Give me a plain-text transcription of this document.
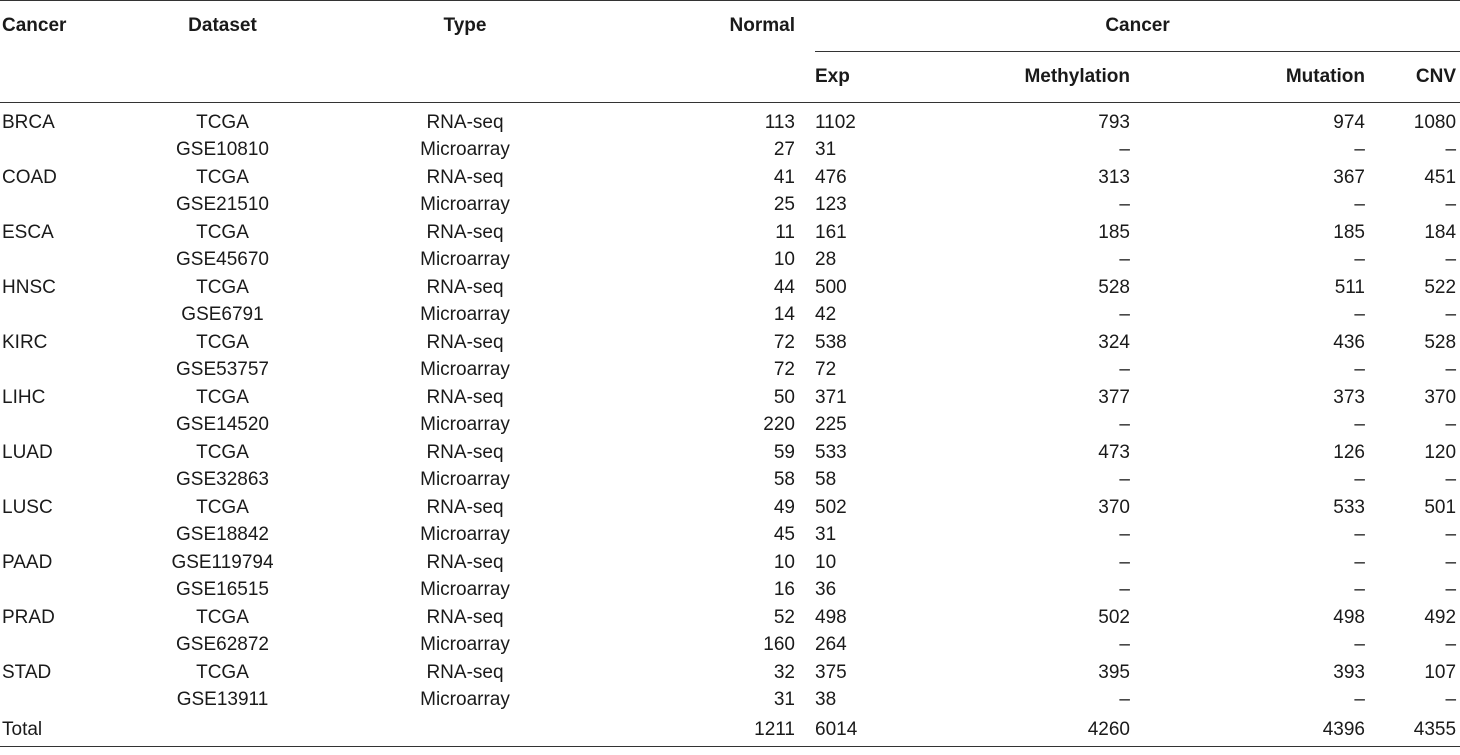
Cancer	Dataset	Type	Normal	Cancer			
				Exp	Methylation	Mutation	CNV
BRCA	TCGA	RNA-seq	113	1102	793	974	1080
	GSE10810	Microarray	27	31	–	–	–
COAD	TCGA	RNA-seq	41	476	313	367	451
	GSE21510	Microarray	25	123	–	–	–
ESCA	TCGA	RNA-seq	11	161	185	185	184
	GSE45670	Microarray	10	28	–	–	–
HNSC	TCGA	RNA-seq	44	500	528	511	522
	GSE6791	Microarray	14	42	–	–	–
KIRC	TCGA	RNA-seq	72	538	324	436	528
	GSE53757	Microarray	72	72	–	–	–
LIHC	TCGA	RNA-seq	50	371	377	373	370
	GSE14520	Microarray	220	225	–	–	–
LUAD	TCGA	RNA-seq	59	533	473	126	120
	GSE32863	Microarray	58	58	–	–	–
LUSC	TCGA	RNA-seq	49	502	370	533	501
	GSE18842	Microarray	45	31	–	–	–
PAAD	GSE119794	RNA-seq	10	10	–	–	–
	GSE16515	Microarray	16	36	–	–	–
PRAD	TCGA	RNA-seq	52	498	502	498	492
	GSE62872	Microarray	160	264	–	–	–
STAD	TCGA	RNA-seq	32	375	395	393	107
	GSE13911	Microarray	31	38	–	–	–
Total			1211	6014	4260	4396	4355
